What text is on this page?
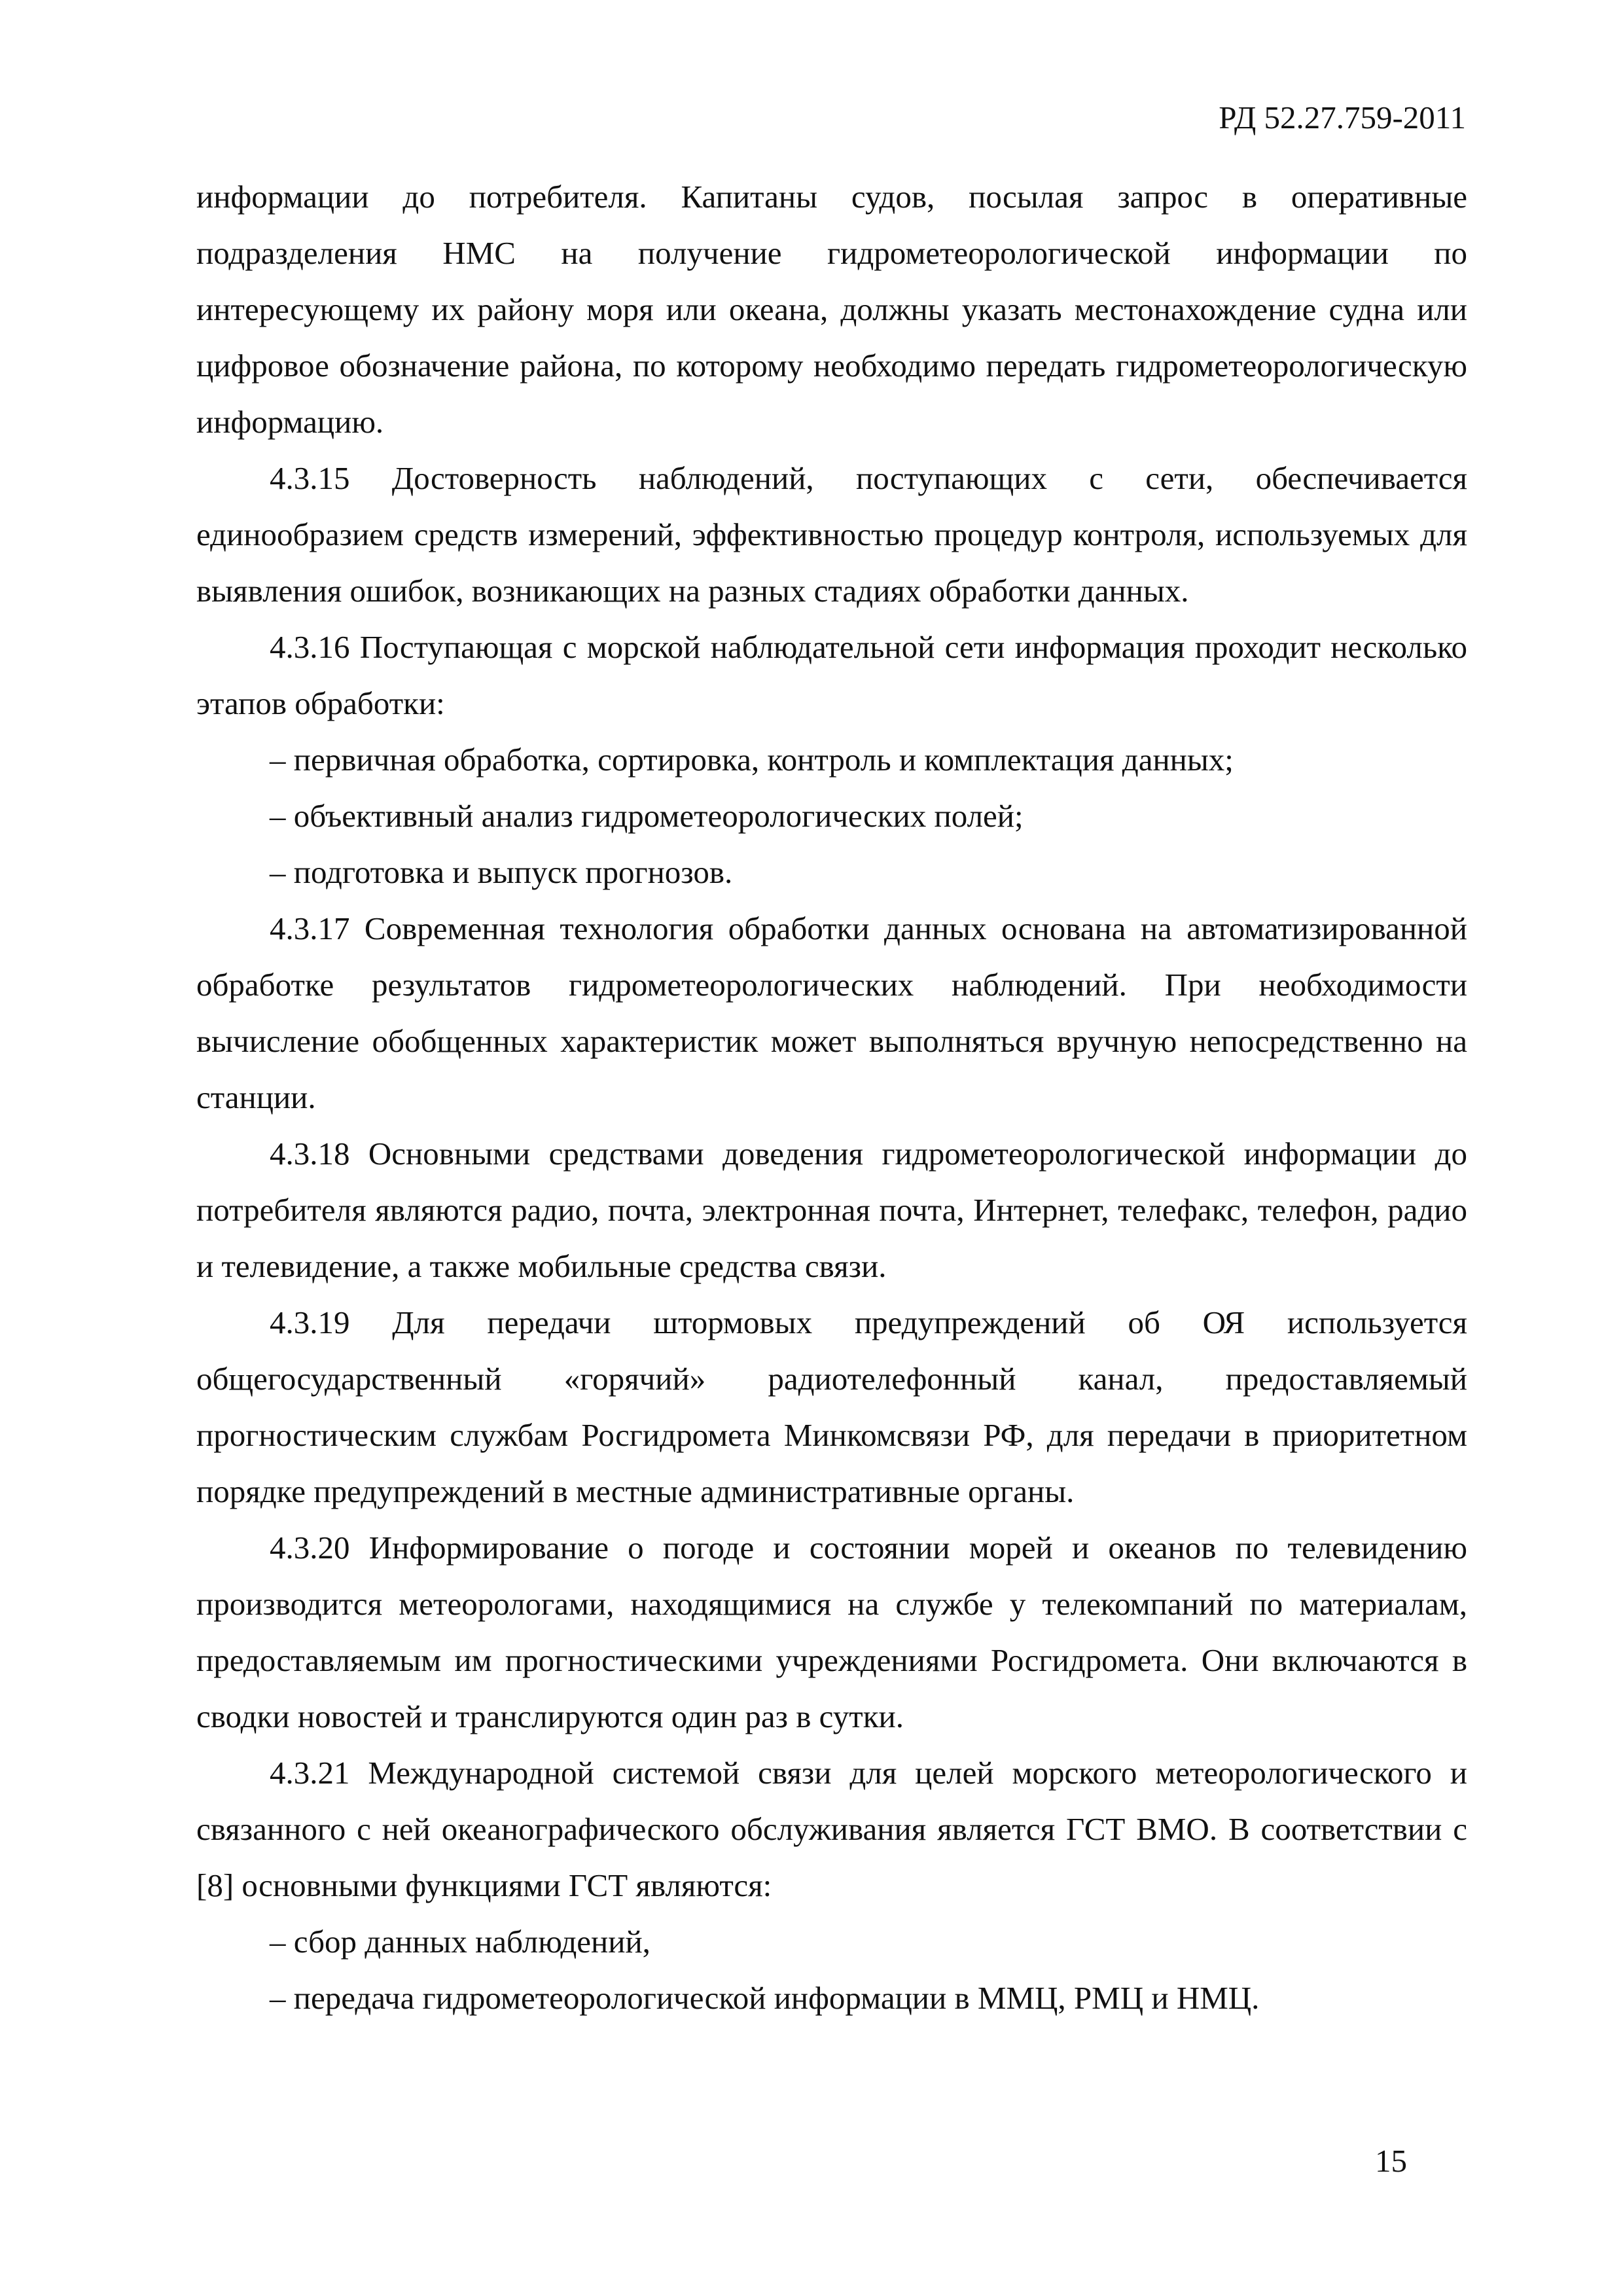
РД 52.27.759-2011

информации до потребителя. Капитаны судов, посылая запрос в оперативные подразделения НМС на получение гидрометеорологической информации по интересующему их району моря или океана, должны указать местонахождение судна или цифровое обозначение района, по которому необходимо передать гидрометеорологическую информацию.

4.3.15 Достоверность наблюдений, поступающих с сети, обеспечивается единообразием средств измерений, эффективностью процедур контроля, используемых для выявления ошибок, возникающих на разных стадиях обработки данных.

4.3.16 Поступающая с морской наблюдательной сети информация проходит несколько этапов обработки:

– первичная обработка, сортировка, контроль и комплектация данных;

– объективный анализ гидрометеорологических полей;

– подготовка и выпуск прогнозов.

4.3.17 Современная технология обработки данных основана на автоматизированной обработке результатов гидрометеорологических наблюдений. При необходимости вычисление обобщенных характеристик может выполняться вручную непосредственно на станции.

4.3.18 Основными средствами доведения гидрометеорологической информации до потребителя являются радио, почта, электронная почта, Интернет, телефакс, телефон, радио и телевидение, а также мобильные средства связи.

4.3.19 Для передачи штормовых предупреждений об ОЯ используется общегосударственный «горячий» радиотелефонный канал, предоставляемый прогностическим службам Росгидромета Минкомсвязи РФ, для передачи в приоритетном порядке предупреждений в местные административные органы.

4.3.20 Информирование о погоде и состоянии морей и океанов по телевидению производится метеорологами, находящимися на службе у телекомпаний по материалам, предоставляемым им прогностическими учреждениями Росгидромета. Они включаются в сводки новостей и транслируются один раз в сутки.

4.3.21 Международной системой связи для целей морского метеорологического и связанного с ней океанографического обслуживания является ГСТ ВМО. В соответствии с [8] основными функциями ГСТ являются:

– сбор данных наблюдений,

– передача гидрометеорологической информации в ММЦ, РМЦ и НМЦ.

15
